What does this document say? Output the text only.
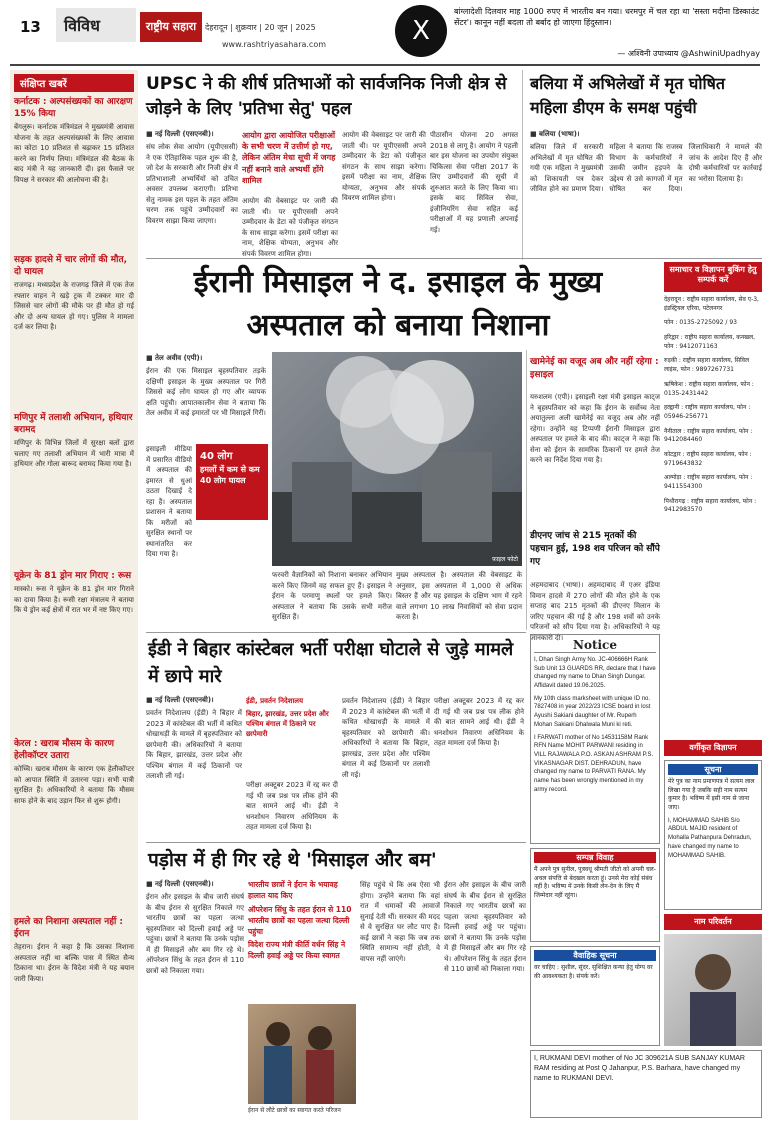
13	विविध	देहरादून | शुक्रवार | 20 जून | 2025
राष्ट्रीय सहारा
www.rashtriyasahara.com	X
बांग्लादेशी दिलवार माह 1000 रुपए में भारतीय बन गया। धरमपुर में चल रहा था 'सस्ता मदीना डिस्काउंट सेंटर'। कानून नहीं बदला तो बर्बाद हो जाएगा हिंदुस्तान।
— अश्विनी उपाध्याय @AshwiniUpadhyay
संक्षिप्त खबरें
कर्नाटक : अल्पसंख्यकों का आरक्षण 15% किया
बेंगलुरू। कर्नाटक मंत्रिमंडल ने मुख्यमंत्री आवास योजना के तहत अल्पसंख्यकों के लिए आवास का कोटा 10 प्रतिशत से बढ़ाकर 15 प्रतिशत करने का निर्णय लिया। मंत्रिमंडल की बैठक के बाद मंत्री ने यह जानकारी दी। इस फैसले पर विपक्ष ने सरकार की आलोचना की है।
सड़क हादसे में चार लोगों की मौत, दो घायल
राजगढ़। मध्यप्रदेश के राजगढ़ जिले में एक तेज रफ्तार वाहन ने खड़े ट्रक में टक्कर मार दी जिससे चार लोगों की मौके पर ही मौत हो गई और दो अन्य घायल हो गए। पुलिस ने मामला दर्ज कर लिया है।
मणिपुर में तलाशी अभियान, हथियार बरामद
मणिपुर के विभिन्न जिलों में सुरक्षा बलों द्वारा चलाए गए तलाशी अभियान में भारी मात्रा में हथियार और गोला बारूद बरामद किया गया है।
यूक्रेन के 81 ड्रोन मार गिराए : रूस
मास्को। रूस ने यूक्रेन के 81 ड्रोन मार गिराने का दावा किया है। रूसी रक्षा मंत्रालय ने बताया कि ये ड्रोन कई क्षेत्रों में रात भर में नष्ट किए गए।
केरल : खराब मौसम के कारण हेलीकॉप्टर उतारा
कोच्चि। खराब मौसम के कारण एक हेलीकॉप्टर को आपात स्थिति में उतारना पड़ा। सभी यात्री सुरक्षित हैं। अधिकारियों ने बताया कि मौसम साफ होने के बाद उड़ान फिर से शुरू होगी।
हमले का निशाना अस्पताल नहीं : ईरान
तेहरान। ईरान ने कहा है कि उसका निशाना अस्पताल नहीं था बल्कि पास में स्थित सैन्य ठिकाना था। ईरान के विदेश मंत्री ने यह बयान जारी किया।
UPSC ने की शीर्ष प्रतिभाओं को सार्वजनिक निजी क्षेत्र से जोड़ने के लिए 'प्रतिभा सेतु' पहल
■ नई दिल्ली (एसएनबी)।
संघ लोक सेवा आयोग (यूपीएससी) ने एक ऐतिहासिक पहल शुरू की है, जो देश के सरकारी और निजी क्षेत्र में प्रतिभाशाली अभ्यर्थियों को उचित अवसर उपलब्ध कराएगी। प्रतिभा सेतु नामक इस पहल के तहत अंतिम चरण तक पहुंचे उम्मीदवारों का विवरण साझा किया जाएगा।
आयोग द्वारा आयोजित परीक्षाओं के सभी चरण में उत्तीर्ण हो गए, लेकिन अंतिम मेधा सूची में जगह नहीं बनाने वाले अभ्यर्थी होंगे शामिल
आयोग की वेबसाइट पर जारी की जाती थी। पर यूपीएससी अपने उम्मीदवार के डेटा को पंजीकृत संगठन के साथ साझा करेगा। इसमें परीक्षा का नाम, शैक्षिक योग्यता, अनुभव और संपर्क विवरण शामिल होगा।
आयोग की वेबसाइट पर जारी की जाती थी। पर यूपीएससी अपने उम्मीदवार के डेटा को पंजीकृत संगठन के साथ साझा करेगा। इसमें परीक्षा का नाम, शैक्षिक योग्यता, अनुभव और संपर्क विवरण शामिल होगा।
पीठासीन योजना 20 अगस्त 2018 से लागू है। आयोग ने पहली बार इस योजना का उपयोग संयुक्त चिकित्सा सेवा परीक्षा 2017 के लिए उम्मीदवारों की सूची में शुरुआत करते के लिए किया था। इसके बाद सिविल सेवा, इंजीनियरिंग सेवा सहित कई परीक्षाओं में यह प्रणाली अपनाई गई।
बलिया में अभिलेखों में मृत घोषित महिला डीएम के समक्ष पहुंची
■ बलिया (भाषा)।
बलिया जिले में सरकारी अभिलेखों में मृत घोषित की गयी एक महिला ने मुख्यमंत्री को शिकायती पत्र देकर जीवित होने का प्रमाण दिया। महिला ने बताया कि राजस्व विभाग के कर्मचारियों ने उसकी जमीन हड़पने के उद्देश्य से उसे कागजों में मृत घोषित कर दिया। जिलाधिकारी ने मामले की जांच के आदेश दिए हैं और दोषी कर्मचारियों पर कार्रवाई का भरोसा दिलाया है।
ईरानी मिसाइल ने द. इसाइल के मुख्य अस्पताल को बनाया निशाना
■ तेल अवीव (एपी)।
ईरान की एक मिसाइल बृहस्पतिवार तड़के दक्षिणी इसाइल के मुख्य अस्पताल पर गिरी जिससे कई लोग घायल हो गए और व्यापक क्षति पहुंची। आपातकालीन सेवा ने बताया कि तेल अवीव में कई इमारतों पर भी मिसाइलें गिरीं।
40 लोग
हमलों में कम से कम 40 लोग घायल
इसाइली मीडिया में प्रसारित वीडियो में अस्पताल की इमारत से धुआं उठता दिखाई दे रहा है। अस्पताल प्रशासन ने बताया कि मरीजों को सुरक्षित स्थानों पर स्थानांतरित कर दिया गया है।
फ़ाइल फोटो
फरवरी वैज्ञानिकों को निशाना बनाकर अभियान करने किए जिनमें वह सफल हुए हैं। इसाइल ने ईरान के परमाणु स्थलों पर हमले किए। अस्पताल ने बताया कि उसके सभी मरीज सुरक्षित हैं।
मुख्य अस्पताल है। अस्पताल की वेबसाइट के अनुसार, इस अस्पताल में 1,000 से अधिक बिस्तर हैं और यह इसाइल के दक्षिण भाग में रहने वाले लगभग 10 लाख निवासियों को सेवा प्रदान करता है।
खामेनेई का वजूद अब और नहीं रहेगा : इसाइल
यरुशलम (एपी)। इसाइली रक्षा मंत्री इसाइल काट्ज ने बृहस्पतिवार को कहा कि ईरान के सर्वोच्च नेता अयातुल्ला अली खामेनेई का वजूद अब और नहीं रहेगा। उन्होंने यह टिप्पणी ईरानी मिसाइल द्वारा अस्पताल पर हमले के बाद की। काट्ज ने कहा कि सेना को ईरान के सामरिक ठिकानों पर हमले तेज करने का निर्देश दिया गया है।
समाचार व विज्ञापन बुकिंग हेतु सम्पर्क करें
देहरादून : राष्ट्रीय सहारा कार्यालय, सेव ए-3, इंडस्ट्रियल एरिया, पटेलनगर
फोन : 0135-2725092 / 93
हरिद्वार : राष्ट्रीय सहारा कार्यालय, कनखल, फोन : 9412071163
रुड़की : राष्ट्रीय सहारा कार्यालय, सिविल लाइंस, फोन : 9897267731
ऋषिकेश : राष्ट्रीय सहारा कार्यालय, फोन : 0135-2431442
हल्द्वानी : राष्ट्रीय सहारा कार्यालय, फोन : 05946-256771
नैनीताल : राष्ट्रीय सहारा कार्यालय, फोन : 9412084460
कोटद्वार : राष्ट्रीय सहारा कार्यालय, फोन : 9719643832
अल्मोड़ा : राष्ट्रीय सहारा कार्यालय, फोन : 9411554300
पिथौरागढ़ : राष्ट्रीय सहारा कार्यालय, फोन : 9412983570
ईडी ने बिहार कांस्टेबल भर्ती परीक्षा घोटाले से जुड़े मामले में छापे मारे
■ नई दिल्ली (एसएनबी)।
प्रवर्तन निदेशालय (ईडी) ने बिहार में 2023 में कांस्टेबल की भर्ती में कथित धोखाधड़ी के मामले में बृहस्पतिवार को छापेमारी की। अधिकारियों ने बताया कि बिहार, झारखंड, उत्तर प्रदेश और पश्चिम बंगाल में कई ठिकानों पर तलाशी ली गई।
ईडी, प्रवर्तन निदेशालय
बिहार, झारखंड, उत्तर प्रदेश और पश्चिम बंगाल में ठिकाने पर छापेमारी
परीक्षा अक्टूबर 2023 में रद्द कर दी गई थी जब प्रश्न पत्र लीक होने की बात सामने आई थी। ईडी ने धनशोधन निवारण अधिनियम के तहत मामला दर्ज किया है।
प्रवर्तन निदेशालय (ईडी) ने बिहार में 2023 में कांस्टेबल की भर्ती में कथित धोखाधड़ी के मामले में बृहस्पतिवार को छापेमारी की। अधिकारियों ने बताया कि बिहार, झारखंड, उत्तर प्रदेश और पश्चिम बंगाल में कई ठिकानों पर तलाशी ली गई।
परीक्षा अक्टूबर 2023 में रद्द कर दी गई थी जब प्रश्न पत्र लीक होने की बात सामने आई थी। ईडी ने धनशोधन निवारण अधिनियम के तहत मामला दर्ज किया है।
डीएनए जांच से 215 मृतकों की पहचान हुई, 198 शव परिजन को सौंपे गए
अहमदाबाद (भाषा)। अहमदाबाद में एअर इंडिया विमान हादसे में 270 लोगों की मौत होने के एक सप्ताह बाद 215 मृतकों की डीएनए मिलान के जरिए पहचान की गई है और 198 शवों को उनके परिजनों को सौंप दिया गया है। अधिकारियों ने यह जानकारी दी।
Notice
I, Dhan Singh Army No. JC-406666H Rank Sub Unit 13 GUARDS RR, declare that I have changed my name to Dhan Singh Dungar. Affidavit dated 19.06.2025.
My 10th class marksheet with unique ID no. 7827408 in year 2022/23 ICSE board in lost Ayushi Sakiani daughter of Mr. Ruperh Mohan Sakiani Dhalwala Muni ki reti.
I FARWATI mother of No 14531158M Rank RFN Name MOHIT PARWANI residing in VILL RAJAWALA P.O. ASKAN ASHRAM P.S. VIKASNAGAR DIST. DEHRADUN, have changed my name to PARVATI RANA. My name has been wrongly mentioned in my army record.
वर्गीकृत विज्ञापन
सूचना
मेरे पुत्र का नाम प्रमाणपत्र में सत्यम लाल लिखा गया है जबकि सही नाम सत्यम कुमार है। भविष्य में इसी नाम से जाना जाए।
I, MOHAMMAD SAHIB S/o ABDUL MAJID resident of Mohalla Pathanpura Dehradun, have changed my name to MOHAMMAD SAHIB.
सम्पन्न विवाह
मैं अपने पुत्र सुनील, पुत्रवधू श्रीमती जीतो को अपनी चल-अचल संपत्ति से बेदखल करता हूं। उनसे मेरा कोई संबंध नहीं है। भविष्य में उनके किसी लेन-देन के लिए मैं जिम्मेदार नहीं रहूंगा।
पड़ोस में ही गिर रहे थे 'मिसाइल और बम'
■ नई दिल्ली (एसएनबी)।
ईरान और इसाइल के बीच जारी संघर्ष के बीच ईरान से सुरक्षित निकाले गए भारतीय छात्रों का पहला जत्था बृहस्पतिवार को दिल्ली हवाई अड्डे पर पहुंचा। छात्रों ने बताया कि उनके पड़ोस में ही मिसाइलें और बम गिर रहे थे। ऑपरेशन सिंधु के तहत ईरान से 110 छात्रों को निकाला गया।
भारतीय छात्रों ने ईरान के भयावह हालात याद किए
ऑपरेशन सिंधु के तहत ईरान से 110 भारतीय छात्रों का पहला जत्था दिल्ली पहुंचा
विदेश राज्य मंत्री कीर्ति वर्धन सिंह ने दिल्ली हवाई अड्डे पर किया स्वागत
ईरान से लौटे छात्रों का स्वागत करते परिजन
सिंह पहुंचे थे कि अब ऐसा भी होगा। उन्होंने बताया कि वहां रात में धमाकों की आवाजें सुनाई देती थीं। सरकार की मदद से वे सुरक्षित घर लौट पाए हैं। कई छात्रों ने कहा कि जब तक स्थिति सामान्य नहीं होती, वे वापस नहीं जाएंगे।
ईरान और इसाइल के बीच जारी संघर्ष के बीच ईरान से सुरक्षित निकाले गए भारतीय छात्रों का पहला जत्था बृहस्पतिवार को दिल्ली हवाई अड्डे पर पहुंचा। छात्रों ने बताया कि उनके पड़ोस में ही मिसाइलें और बम गिर रहे थे। ऑपरेशन सिंधु के तहत ईरान से 110 छात्रों को निकाला गया।
वैवाहिक सूचना
वर चाहिए : सुशील, सुंदर, सुशिक्षित कन्या हेतु योग्य वर की आवश्यकता है। संपर्क करें।
नाम परिवर्तन
I, RUKMANI DEVI mother of No JC 309621A SUB SANJAY KUMAR RAM residing at Post Q Jahanpur, P.S. Barhara, have changed my name to RUKMANI DEVI.
